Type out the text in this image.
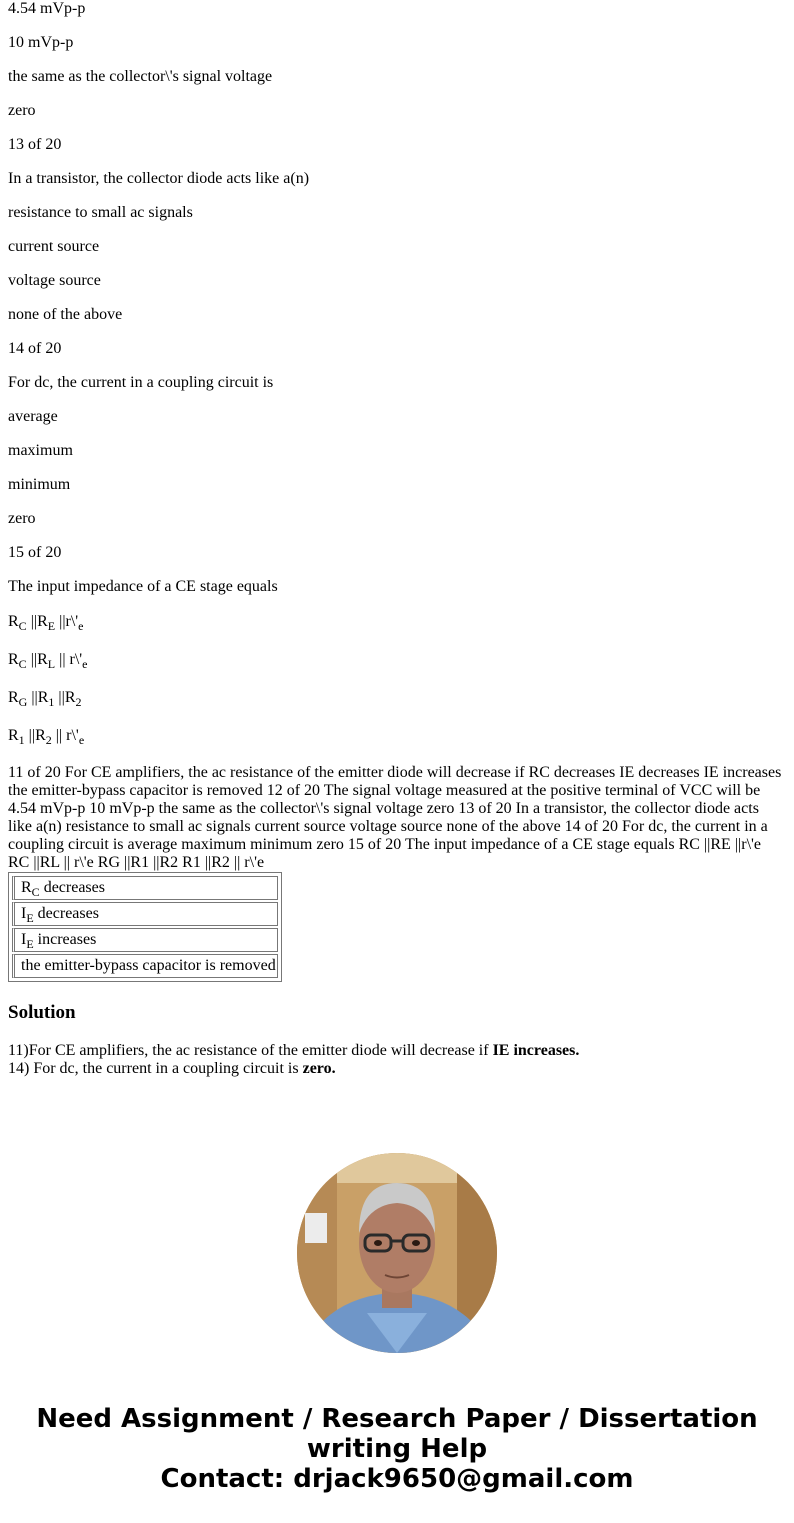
4.54 mVp-p

10 mVp-p

the same as the collector\'s signal voltage

zero

13 of 20

In a transistor, the collector diode acts like a(n)

resistance to small ac signals

current source

voltage source

none of the above

14 of 20

For dc, the current in a coupling circuit is

average

maximum

minimum

zero

15 of 20

The input impedance of a CE stage equals

$R_C$ $||R_E$ $||r\backslash'_e$

$R_C$ $||R_L$ || $r\backslash'_e$

$R_G$ $||R_1$ $||R_2$

$R_1$ $||R_2$ || $r\backslash'_e$

11 of 20 For CE amplifiers, the ac resistance of the emitter diode will decrease if RC decreases IE decreases IE increases the emitter-bypass capacitor is removed 12 of 20 The signal voltage measured at the positive terminal of VCC will be 4.54 mVp-p 10 mVp-p the same as the collector\'s signal voltage zero 13 of 20 In a transistor, the collector diode acts like a(n) resistance to small ac signals current source voltage source none of the above 14 of 20 For dc, the current in a coupling circuit is average maximum minimum zero 15 of 20 The input impedance of a CE stage equals RC ||RE ||r\'e RC ||RL || r\'e RG ||R1 ||R2 R1 ||R2 || r\'e

$R_C$ decreases
$I_E$ decreases
$I_E$ increases
the emitter-bypass capacitor is removed
Solution

11)For CE amplifiers, the ac resistance of the emitter diode will decrease if IE increases.

14) For dc, the current in a coupling circuit is zero.

Need Assignment / Research Paper / Dissertation
writing Help
Contact: drjack9650@gmail.com
